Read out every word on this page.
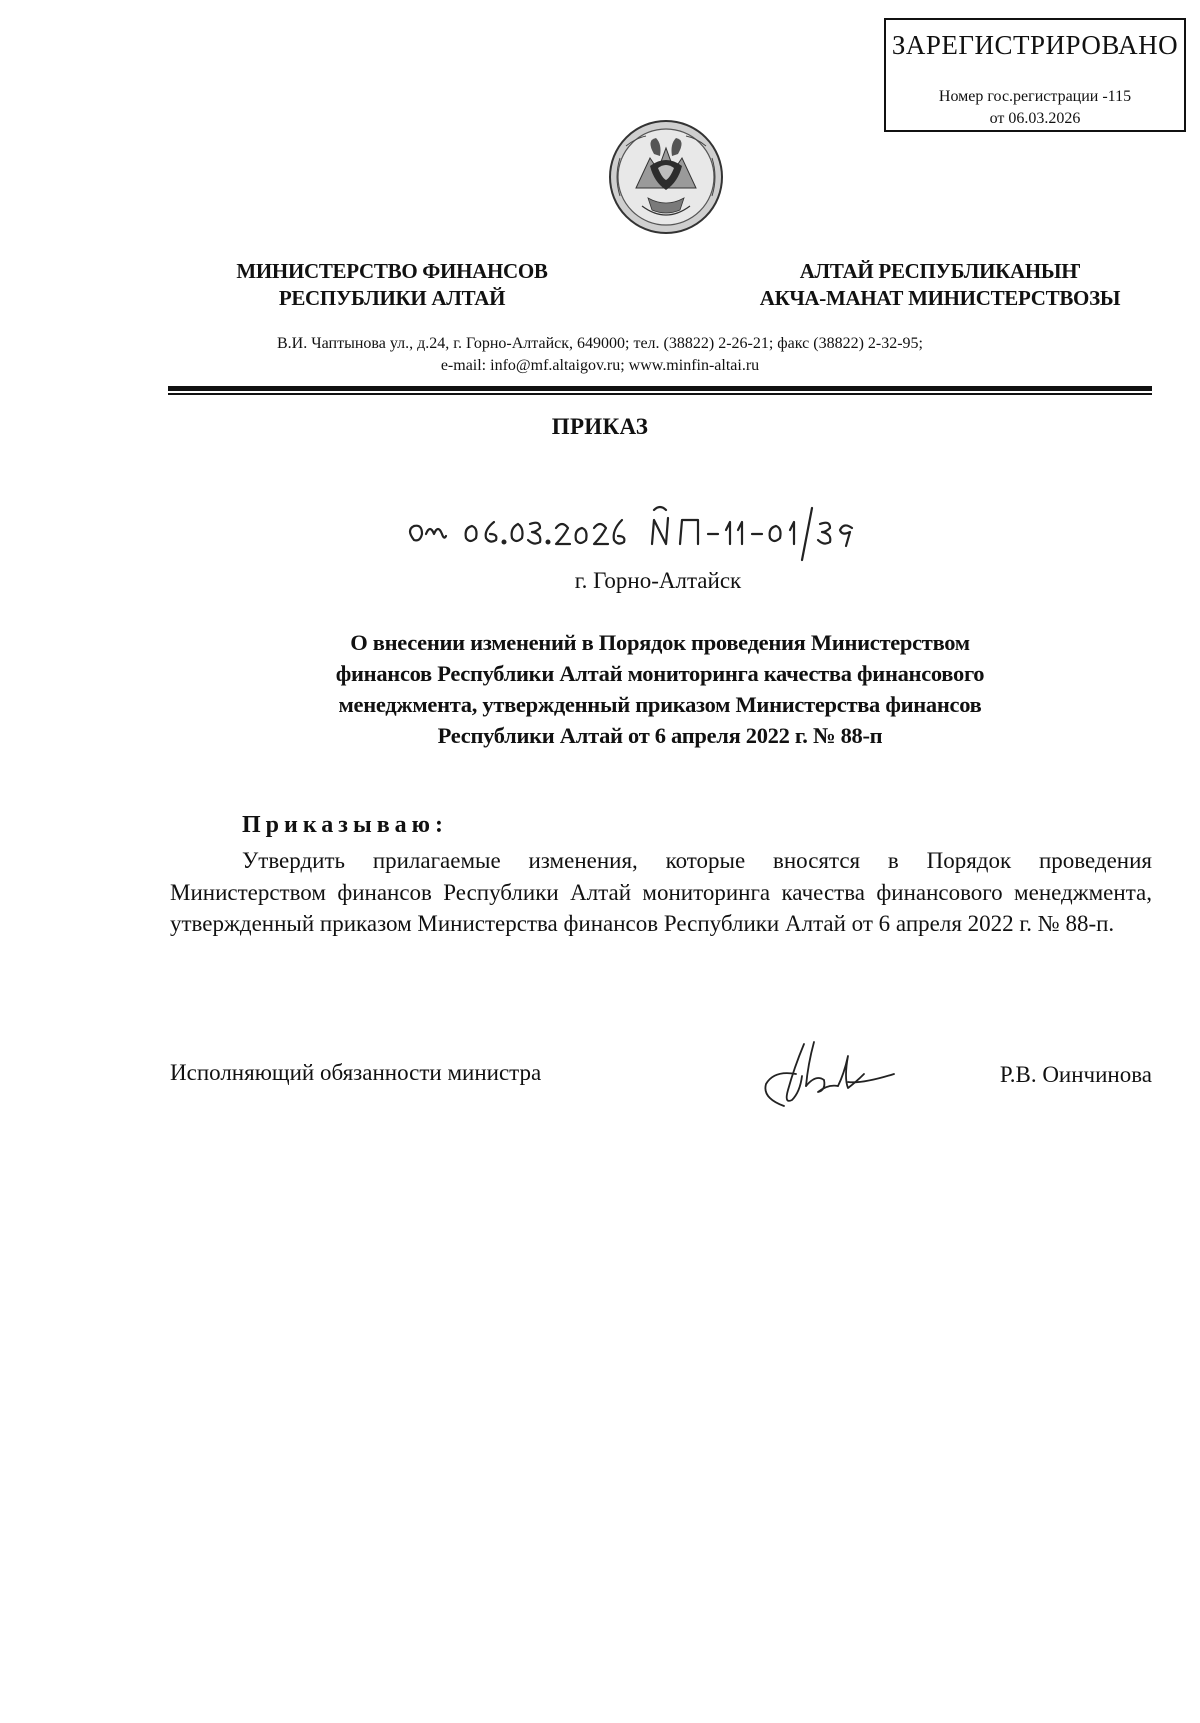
ЗАРЕГИСТРИРОВАНО
Номер гос.регистрации -115
от 06.03.2026
МИНИСТЕРСТВО ФИНАНСОВ
РЕСПУБЛИКИ АЛТАЙ
АЛТАЙ РЕСПУБЛИКАНЫҤ
АКЧА-МАНАТ МИНИСТЕРСТВОЗЫ
В.И. Чаптынова ул., д.24, г. Горно-Алтайск, 649000; тел. (38822) 2-26-21; факс (38822) 2-32-95;
e-mail: info@mf.altaigov.ru; www.minfin-altai.ru
ПРИКАЗ
г. Горно-Алтайск
О внесении изменений в Порядок проведения Министерством
финансов Республики Алтай мониторинга качества финансового
менеджмента, утвержденный приказом Министерства финансов
Республики Алтай от 6 апреля 2022 г. № 88-п
Приказываю:
Утвердить прилагаемые изменения, которые вносятся в Порядок проведения Министерством финансов Республики Алтай мониторинга качества финансового менеджмента, утвержденный приказом Министерства финансов Республики Алтай от 6 апреля 2022 г. № 88-п.
Исполняющий обязанности министра	Р.В. Оинчинова
